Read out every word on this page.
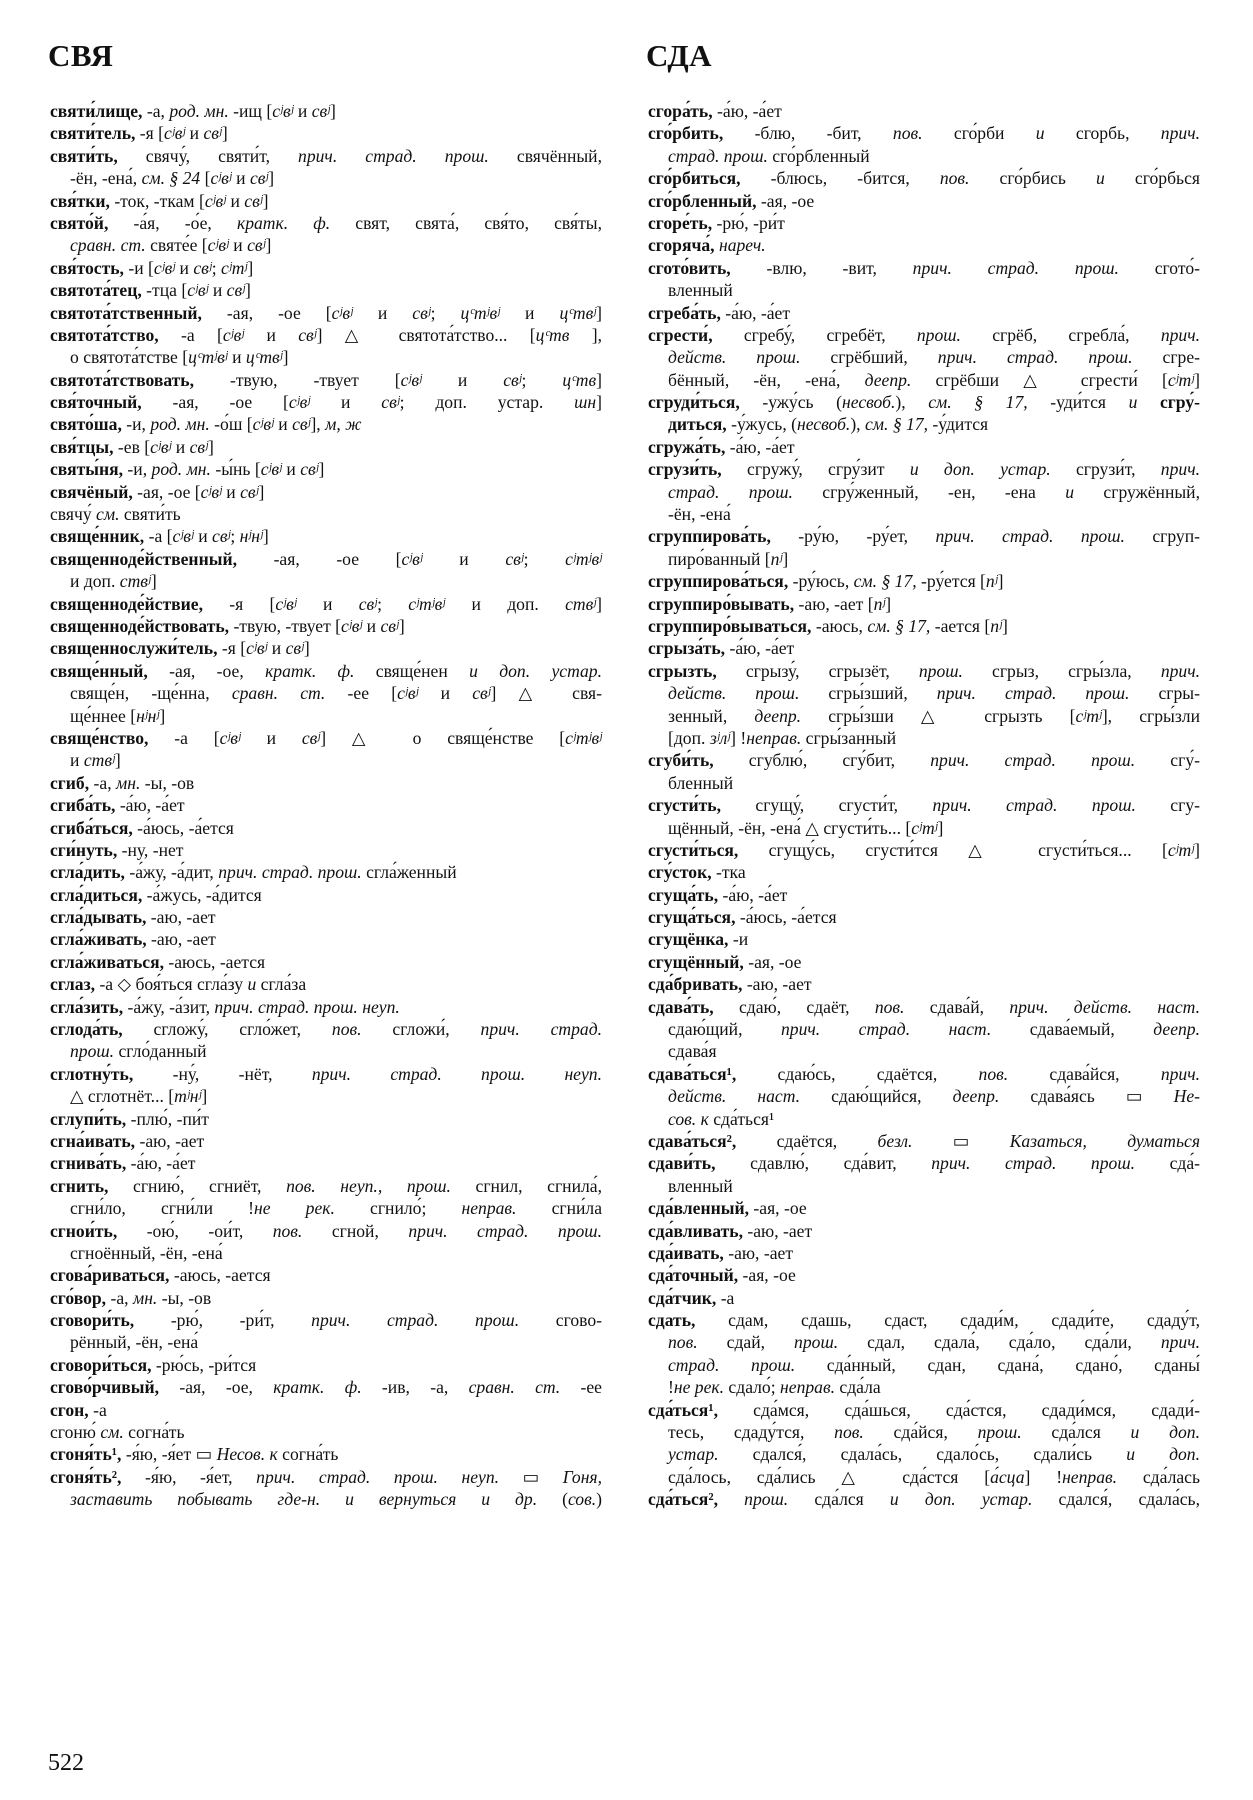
СВЯ	СДА
святи́лище, -а, род. мн. -ищ [сʲвʲ и свʲ]
святи́тель, -я [сʲвʲ и свʲ]
святи́ть, свячу́, святи́т, прич. страд. прош. свячённый,
-ён, -ена́, см. § 24 [сʲвʲ и свʲ]
свя́тки, -ток, -ткам [сʲвʲ и свʲ]
свято́й, -а́я, -о́е, кратк. ф. свят, свята́, свя́то, свя́ты,
сравн. ст. святе́е [сʲвʲ и свʲ]
свя́тость, -и [сʲвʲ и свʲ; сʲтʲ]
святота́тец, -тца [сʲвʲ и свʲ]
святота́тственный, -ая, -ое [сʲвʲ и свʲ; цᶜтʲвʲ и цᶜтвʲ]
святота́тство, -а [сʲвʲ и свʲ] △ святота́тство... [цᶜтв ],
о святота́тстве [цᶜтʲвʲ и цᶜтвʲ]
святота́тствовать, -твую, -твует [сʲвʲ и свʲ; цᶜтв]
свя́точный, -ая, -ое [сʲвʲ и свʲ; доп. устар. шн]
свято́ша, -и, род. мн. -о́ш [сʲвʲ и свʲ], м, ж
свя́тцы, -ев [сʲвʲ и свʲ]
святы́ня, -и, род. мн. -ы́нь [сʲвʲ и свʲ]
свячёный, -ая, -ое [сʲвʲ и свʲ]
свячу́ см. святи́ть
свяще́нник, -а [сʲвʲ и свʲ; нʲнʲ]
священноде́йственный, -ая, -ое [сʲвʲ и свʲ; сʲтʲвʲ
и доп. ствʲ]
священноде́йствие, -я [сʲвʲ и свʲ; сʲтʲвʲ и доп. ствʲ]
священноде́йствовать, -твую, -твует [сʲвʲ и свʲ]
священнослужи́тель, -я [сʲвʲ и свʲ]
свяще́нный, -ая, -ое, кратк. ф. свяще́нен и доп. устар.
свяще́н, -ще́нна, сравн. ст. -ее [сʲвʲ и свʲ] △ свя-
ще́ннее [нʲнʲ]
свяще́нство, -а [сʲвʲ и свʲ] △ о свяще́нстве [сʲтʲвʲ
и ствʲ]
сгиб, -а, мн. -ы, -ов
сгиба́ть, -а́ю, -а́ет
сгиба́ться, -а́юсь, -а́ется
сги́нуть, -ну, -нет
сгла́дить, -а́жу, -а́дит, прич. страд. прош. сгла́женный
сгла́диться, -а́жусь, -а́дится
сгла́дывать, -аю, -ает
сгла́живать, -аю, -ает
сгла́живаться, -аюсь, -ается
сглаз, -а ◇ боя́ться сгла́зу и сгла́за
сгла́зить, -а́жу, -а́зит, прич. страд. прош. неуп.
сглода́ть, сгложу́, сгло́жет, пов. сгложи́, прич. страд.
прош. сгло́данный
сглотну́ть, -ну́, -нёт, прич. страд. прош. неуп.
△ сглотнёт... [mʲнʲ]
сглупи́ть, -плю́, -пи́т
сгна́ивать, -аю, -ает
сгнива́ть, -а́ю, -а́ет
сгнить, сгнию́, сгниёт, пов. неуп., прош. сгнил, сгнила́,
сгни́ло, сгни́ли !не рек. сгнило́; неправ. сгни́ла
сгнои́ть, -ою́, -ои́т, пов. сгной, прич. страд. прош.
сгноённый, -ён, -ена́
сгова́риваться, -аюсь, -ается
сго́вор, -а, мн. -ы, -ов
сговори́ть, -рю́, -ри́т, прич. страд. прош. сгово-
рённый, -ён, -ена́
сговори́ться, -рю́сь, -ри́тся
сгово́рчивый, -ая, -ое, кратк. ф. -ив, -а, сравн. ст. -ее
сгон, -а
сгоню́ см. согна́ть
сгоня́ть¹, -я́ю, -я́ет ▭ Несов. к согна́ть
сгоня́ть², -я́ю, -я́ет, прич. страд. прош. неуп. ▭ Гоня,
заставить побывать где-н. и вернуться и др. (сов.)
сгора́ть, -а́ю, -а́ет
сго́рбить, -блю, -бит, пов. сго́рби и сгорбь, прич.
страд. прош. сго́рбленный
сго́рбиться, -блюсь, -бится, пов. сго́рбись и сго́рбься
сго́рбленный, -ая, -ое
сгоре́ть, -рю́, -ри́т
сгоряча́, нареч.
сгото́вить, -влю, -вит, прич. страд. прош. сгото́-
вленный
сгреба́ть, -а́ю, -а́ет
сгрести́, сгребу́, сгребёт, прош. сгрёб, сгребла́, прич.
действ. прош. сгрёбший, прич. страд. прош. сгре-
бённый, -ён, -ена́, деепр. сгрёбши △ сгрести́ [сʲтʲ]
сгруди́ться, -ужу́сь (несвоб.), см. § 17, -уди́тся и сгру́-
диться, -у́жусь, (несвоб.), см. § 17, -у́дится
сгружа́ть, -а́ю, -а́ет
сгрузи́ть, сгружу́, сгру́зит и доп. устар. сгрузи́т, прич.
страд. прош. сгру́женный, -ен, -ена и сгружённый,
-ён, -ена́
сгруппирова́ть, -ру́ю, -ру́ет, прич. страд. прош. сгруп-
пиро́ванный [пʲ]
сгруппирова́ться, -ру́юсь, см. § 17, -ру́ется [пʲ]
сгруппиро́вывать, -аю, -ает [пʲ]
сгруппиро́вываться, -аюсь, см. § 17, -ается [пʲ]
сгрыза́ть, -а́ю, -а́ет
сгрызть, сгрызу́, сгрызёт, прош. сгрыз, сгры́зла, прич.
действ. прош. сгры́зший, прич. страд. прош. сгры-
зенный, деепр. сгры́зши △ сгрызть [сʲтʲ], сгры́зли
[доп. зʲлʲ] !неправ. сгры́занный
сгуби́ть, сгублю́, сгу́бит, прич. страд. прош. сгу́-
бленный
сгусти́ть, сгущу́, сгусти́т, прич. страд. прош. сгу-
щённый, -ён, -ена́ △ сгусти́ть... [сʲтʲ]
сгусти́ться, сгущу́сь, сгусти́тся △ сгусти́ться... [сʲтʲ]
сгу́сток, -тка
сгуща́ть, -а́ю, -а́ет
сгуща́ться, -а́юсь, -а́ется
сгущёнка, -и
сгущённый, -ая, -ое
сда́бривать, -аю, -ает
сдава́ть, сдаю́, сдаёт, пов. сдава́й, прич. действ. наст.
сдаю́щий, прич. страд. наст. сдава́емый, деепр.
сдава́я
сдава́ться¹, сдаю́сь, сдаётся, пов. сдава́йся, прич.
действ. наст. сдаю́щийся, деепр. сдава́ясь ▭ Не-
сов. к сда́ться¹
сдава́ться², сдаётся, безл. ▭ Казаться, думаться
сдави́ть, сдавлю́, сда́вит, прич. страд. прош. сда́-
вленный
сда́вленный, -ая, -ое
сда́вливать, -аю, -ает
сда́ивать, -аю, -ает
сда́точный, -ая, -ое
сда́тчик, -а
сдать, сдам, сдашь, сдаст, сдади́м, сдади́те, сдаду́т,
пов. сдай, прош. сдал, сдала́, сда́ло, сда́ли, прич.
страд. прош. сда́нный, сдан, сдана́, сдано́, сданы́
!не рек. сдало́; неправ. сда́ла
сда́ться¹, сда́мся, сда́шься, сда́стся, сдади́мся, сдади́-
тесь, сдаду́тся, пов. сда́йся, прош. сда́лся и доп.
устар. сдался́, сдала́сь, сдало́сь, сдали́сь и доп.
сда́лось, сда́лись △ сда́стся [а́сца] !неправ. сда́лась
сда́ться², прош. сда́лся и доп. устар. сдался́, сдала́сь,
522
